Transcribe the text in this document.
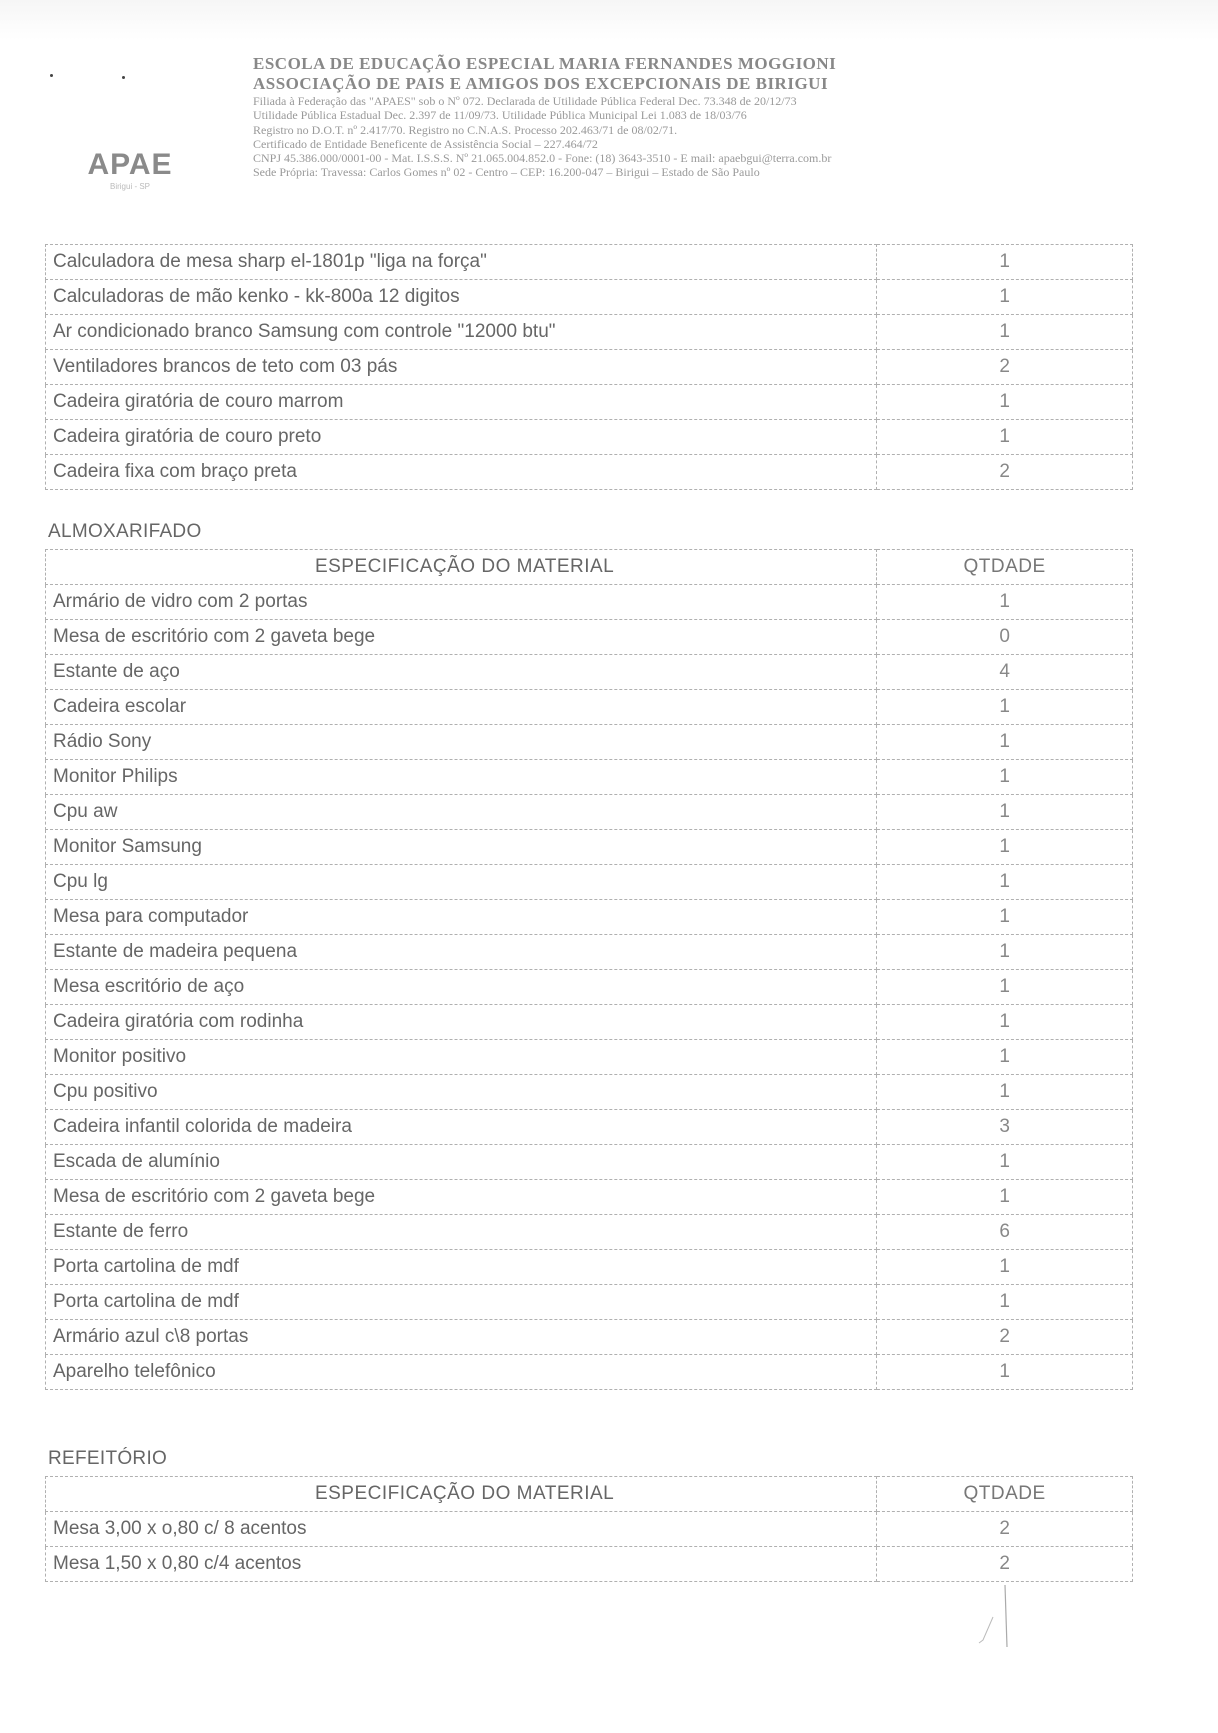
APAE
Birigui - SP
ESCOLA DE EDUCAÇÃO ESPECIAL MARIA FERNANDES MOGGIONI
ASSOCIAÇÃO DE PAIS E AMIGOS DOS EXCEPCIONAIS DE BIRIGUI
Filiada à Federação das "APAES" sob o Nº 072. Declarada de Utilidade Pública Federal Dec. 73.348 de 20/12/73
Utilidade Pública Estadual Dec. 2.397 de 11/09/73. Utilidade Pública Municipal Lei 1.083 de 18/03/76
Registro no D.O.T. nº 2.417/70. Registro no C.N.A.S. Processo 202.463/71 de 08/02/71.
Certificado de Entidade Beneficente de Assistência Social – 227.464/72
CNPJ 45.386.000/0001-00 - Mat. I.S.S.S. Nº 21.065.004.852.0 - Fone: (18) 3643-3510 - E mail: apaebgui@terra.com.br
Sede Própria: Travessa: Carlos Gomes nº 02 - Centro – CEP: 16.200-047 – Birigui – Estado de São Paulo
Calculadora de mesa sharp el-1801p "liga na força"	1
Calculadoras de mão kenko - kk-800a 12 digitos	1
Ar condicionado branco Samsung com controle "12000 btu"	1
Ventiladores brancos de teto com 03 pás	2
Cadeira giratória de couro marrom	1
Cadeira giratória de couro preto	1
Cadeira fixa com braço preta	2
ALMOXARIFADO
ESPECIFICAÇÃO DO MATERIAL	QTDADE
Armário de vidro com 2 portas	1
Mesa de escritório com 2 gaveta bege	0
Estante de aço	4
Cadeira escolar	1
Rádio Sony	1
Monitor Philips	1
Cpu aw	1
Monitor Samsung	1
Cpu lg	1
Mesa para computador	1
Estante de madeira pequena	1
Mesa escritório de aço	1
Cadeira giratória com rodinha	1
Monitor positivo	1
Cpu positivo	1
Cadeira infantil colorida de madeira	3
Escada de alumínio	1
Mesa de escritório com 2 gaveta bege	1
Estante de ferro	6
Porta cartolina de mdf	1
Porta cartolina de mdf	1
Armário azul c\8 portas	2
Aparelho telefônico	1
REFEITÓRIO
ESPECIFICAÇÃO DO MATERIAL	QTDADE
Mesa 3,00 x o,80 c/ 8 acentos	2
Mesa 1,50 x 0,80 c/4 acentos	2
